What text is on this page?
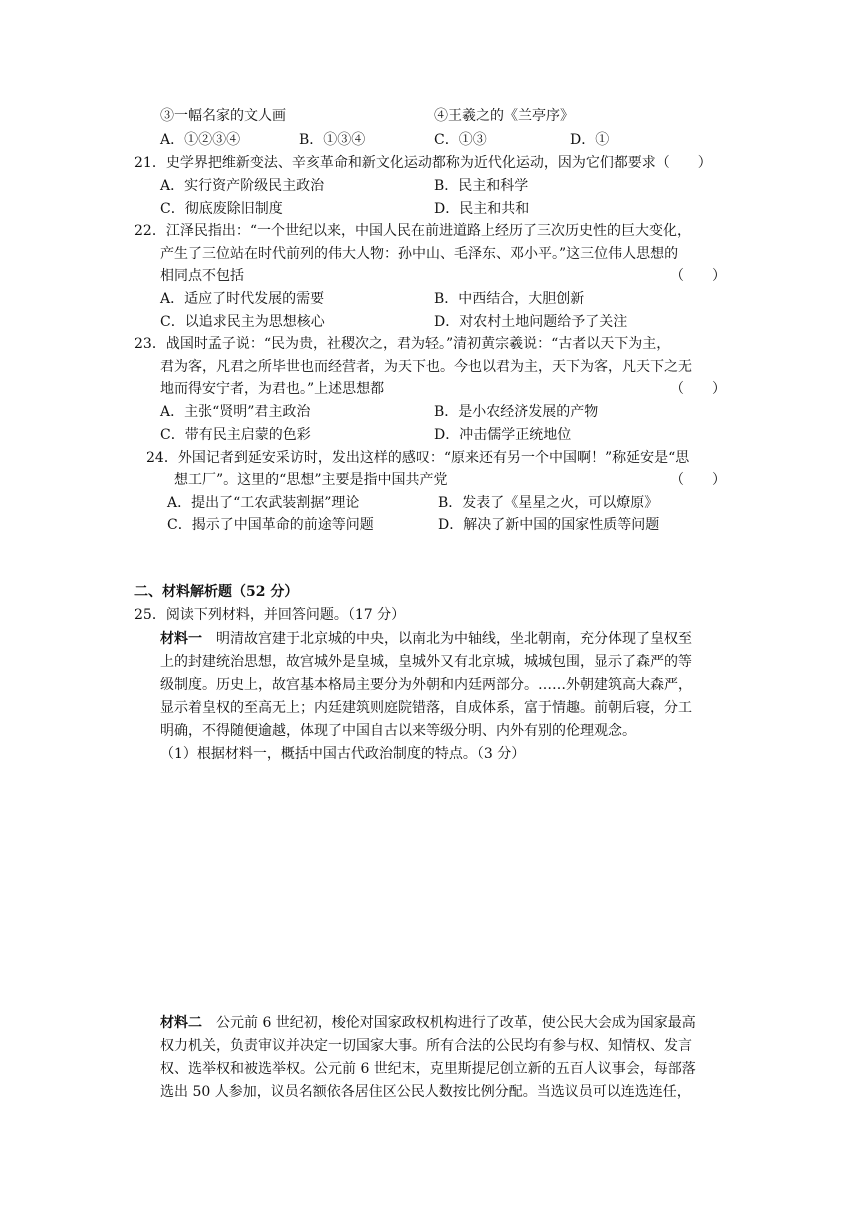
③一幅名家的文人画	④王羲之的《兰亭序》
A．①②③④	B．①③④	C．①③	D．①
21．史学界把维新变法、辛亥革命和新文化运动都称为近代化运动，因为它们都要求（　　）
A．实行资产阶级民主政治	B．民主和科学
C．彻底废除旧制度	D．民主和共和
22．江泽民指出：“一个世纪以来，中国人民在前进道路上经历了三次历史性的巨大变化，
产生了三位站在时代前列的伟大人物：孙中山、毛泽东、邓小平。”这三位伟人思想的
相同点不包括	（　　）
A．适应了时代发展的需要	B．中西结合，大胆创新
C．以追求民主为思想核心	D．对农村土地问题给予了关注
23．战国时孟子说：“民为贵，社稷次之，君为轻。”清初黄宗羲说：“古者以天下为主，
君为客，凡君之所毕世也而经营者，为天下也。今也以君为主，天下为客，凡天下之无
地而得安宁者，为君也。”上述思想都	（　　）
A．主张“贤明”君主政治	B．是小农经济发展的产物
C．带有民主启蒙的色彩	D．冲击儒学正统地位
24．外国记者到延安采访时，发出这样的感叹：“原来还有另一个中国啊！”称延安是“思
想工厂”。这里的“思想”主要是指中国共产党	（　　）
A．提出了“工农武装割据”理论	B．发表了《星星之火，可以燎原》
C．揭示了中国革命的前途等问题	D．解决了新中国的国家性质等问题
二、材料解析题（52 分）
25．阅读下列材料，并回答问题。（17 分）
材料一　明清故宫建于北京城的中央，以南北为中轴线，坐北朝南，充分体现了皇权至
上的封建统治思想，故宫城外是皇城，皇城外又有北京城，城城包围，显示了森严的等
级制度。历史上，故宫基本格局主要分为外朝和内廷两部分。……外朝建筑高大森严，
显示着皇权的至高无上；内廷建筑则庭院错落，自成体系，富于情趣。前朝后寝，分工
明确，不得随便逾越，体现了中国自古以来等级分明、内外有别的伦理观念。
（1）根据材料一，概括中国古代政治制度的特点。（3 分）
材料二　公元前 6 世纪初，梭伦对国家政权机构进行了改革，使公民大会成为国家最高
权力机关，负责审议并决定一切国家大事。所有合法的公民均有参与权、知情权、发言
权、选举权和被选举权。公元前 6 世纪末，克里斯提尼创立新的五百人议事会，每部落
选出 50 人参加，议员名额依各居住区公民人数按比例分配。当选议员可以连选连任，
